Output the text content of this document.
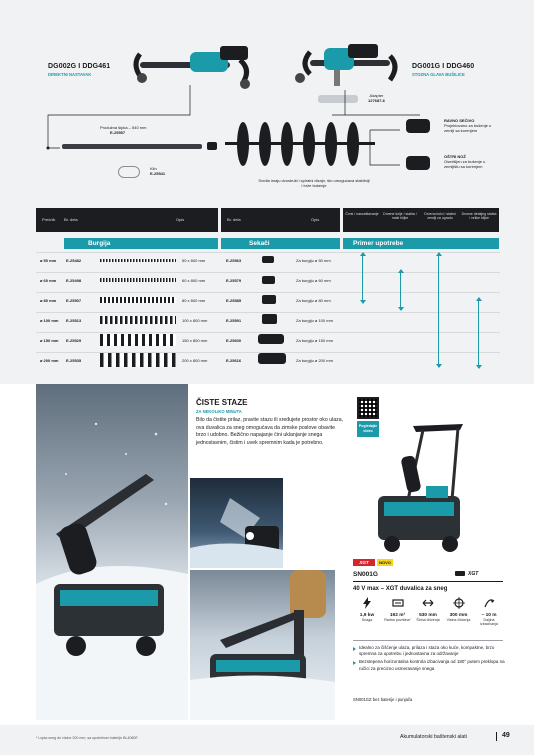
DG002G I DDG461
DIREKTNI NASTAVAK
DG001G I DDG460
STOZNA GLAVA BUŠILICE
Adapter
127687-6
Produžna šipka – 540 mm
E-25557
Klin
E-25541
Svrdla imaju dvostruki i spiralni dizajn, što omogućava stabilniji i brže bušenje
RAVNO SEČIVO
Projektovano za bušenje u zemlji sa korenjem
OŠTRI NOŽ
Osmišljen za bušenje u zemljištu sa korenjem
Prečnik Br. dela	Opis	Br. dela	Opis
Čvrsi / nasvaštavanje Drvene šolje / stabla / male biljke
Drvena kolci / stabni zemlji za ugradu
Drvene detaljng stabla / velike biljke
Burgija	Sekači	Primer upotrebe
ø 50 mm E-25482	50 x 800 mm	E-25563	Za burgiju ø 50 mm
ø 60 mm E-25498	60 x 800 mm	E-25579	Za burgiju ø 60 mm
ø 80 mm E-25507	80 x 800 mm	E-25585	Za burgiju ø 80 mm
ø 100 mm E-25513	100 x 800 mm	E-25591	Za burgiju ø 100 mm
ø 150 mm E-25529	150 x 800 mm	E-25600	Za burgiju ø 150 mm
ø 200 mm E-25535	200 x 800 mm	E-25616	Za burgiju ø 200 mm
ČISTE STAZE
ZA NEKOLIKO MINUTA
Bilo da čistite prilaz, pravite stazu ili sređujete prostor oko ulaza, ova duvalica za sneg omogućava da zimske poslove obavite brzo i udobno. Bežično napajanje čini uklanjanje snega jednostavnim, čistim i uvek spremnim kada je potrebno.
Pogledajte video
XGT	NOVO
SN001G	XGT
40 V max – XGT duvalica za sneg
1,9 kw
Snaga
192 m³
Radna površina*
530 mm
Širina čišćenja
300 mm
Visina čišćenja
~ 10 m
Daljina izbacivanja
Idealno za čišćenje ulaza, prilaza i staza oko kuće, kompaktne, brzo spremna za upotrebu i jednostavna za održavanje
Bezstepena horizontalna kontrola izbacivanja od 180° putem preklopa na ručici za precizno usmeravanje snega
SN001GZ bez baterije i punjača
* Lopta sneg do visine 200 mm, sa upotrebom baterije BL4080F.	Akumulatorski baštenski alati	49
